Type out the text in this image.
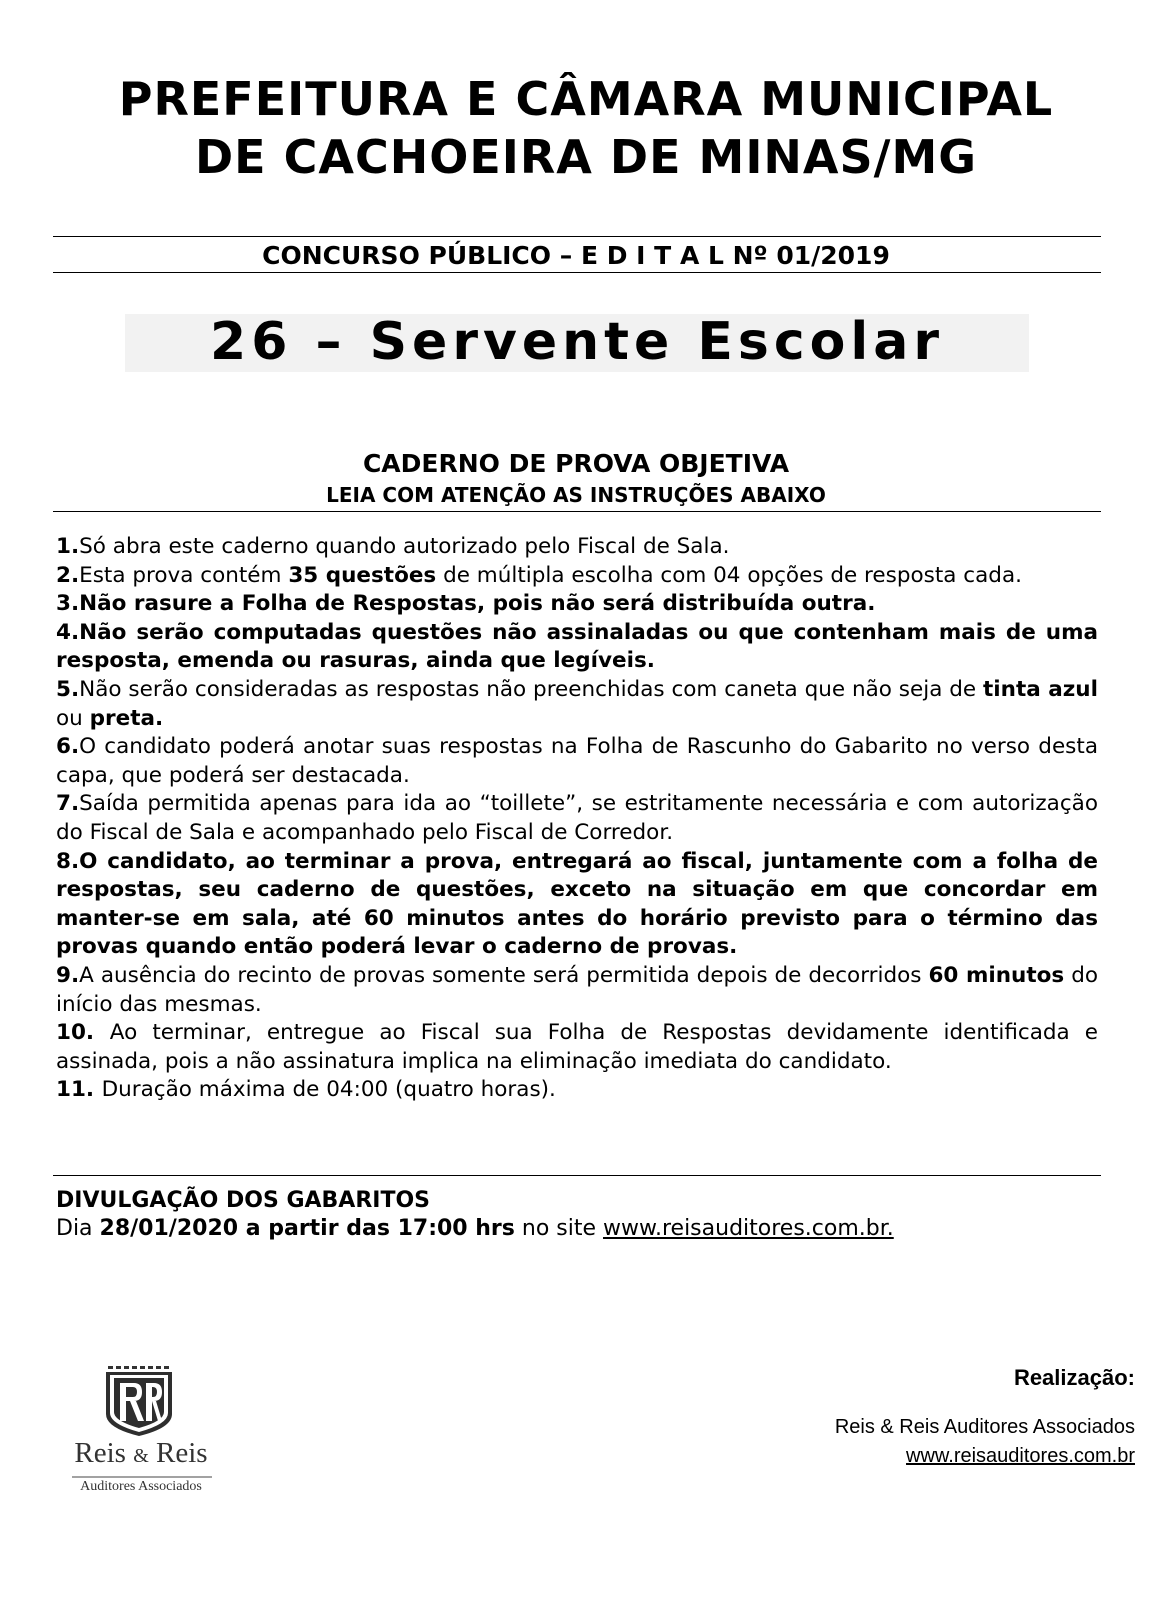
PREFEITURA E CÂMARA MUNICIPAL
DE CACHOEIRA DE MINAS/MG
CONCURSO PÚBLICO – E D I T A L Nº 01/2019
26 – Servente Escolar
CADERNO DE PROVA OBJETIVA
LEIA COM ATENÇÃO AS INSTRUÇÕES ABAIXO
1.Só abra este caderno quando autorizado pelo Fiscal de Sala.
2.Esta prova contém 35 questões de múltipla escolha com 04 opções de resposta cada.
3.Não rasure a Folha de Respostas, pois não será distribuída outra.
4.Não serão computadas questões não assinaladas ou que contenham mais de uma resposta, emenda ou rasuras, ainda que legíveis.
5.Não serão consideradas as respostas não preenchidas com caneta que não seja de tinta azul ou preta.
6.O candidato poderá anotar suas respostas na Folha de Rascunho do Gabarito no verso desta capa, que poderá ser destacada.
7.Saída permitida apenas para ida ao “toillete”, se estritamente necessária e com autorização do Fiscal de Sala e acompanhado pelo Fiscal de Corredor.
8.O candidato, ao terminar a prova, entregará ao fiscal, juntamente com a folha de respostas, seu caderno de questões, exceto na situação em que concordar em manter-se em sala, até 60 minutos antes do horário previsto para o término das provas quando então poderá levar o caderno de provas.
9.A ausência do recinto de provas somente será permitida depois de decorridos 60 minutos do início das mesmas.
10. Ao terminar, entregue ao Fiscal sua Folha de Respostas devidamente identificada e assinada, pois a não assinatura implica na eliminação imediata do candidato.
11. Duração máxima de 04:00 (quatro horas).
DIVULGAÇÃO DOS GABARITOS
Dia 28/01/2020 a partir das 17:00 hrs no site www.reisauditores.com.br.
Reis & Reis
Auditores Associados
Realização:
Reis & Reis Auditores Associados
www.reisauditores.com.br
